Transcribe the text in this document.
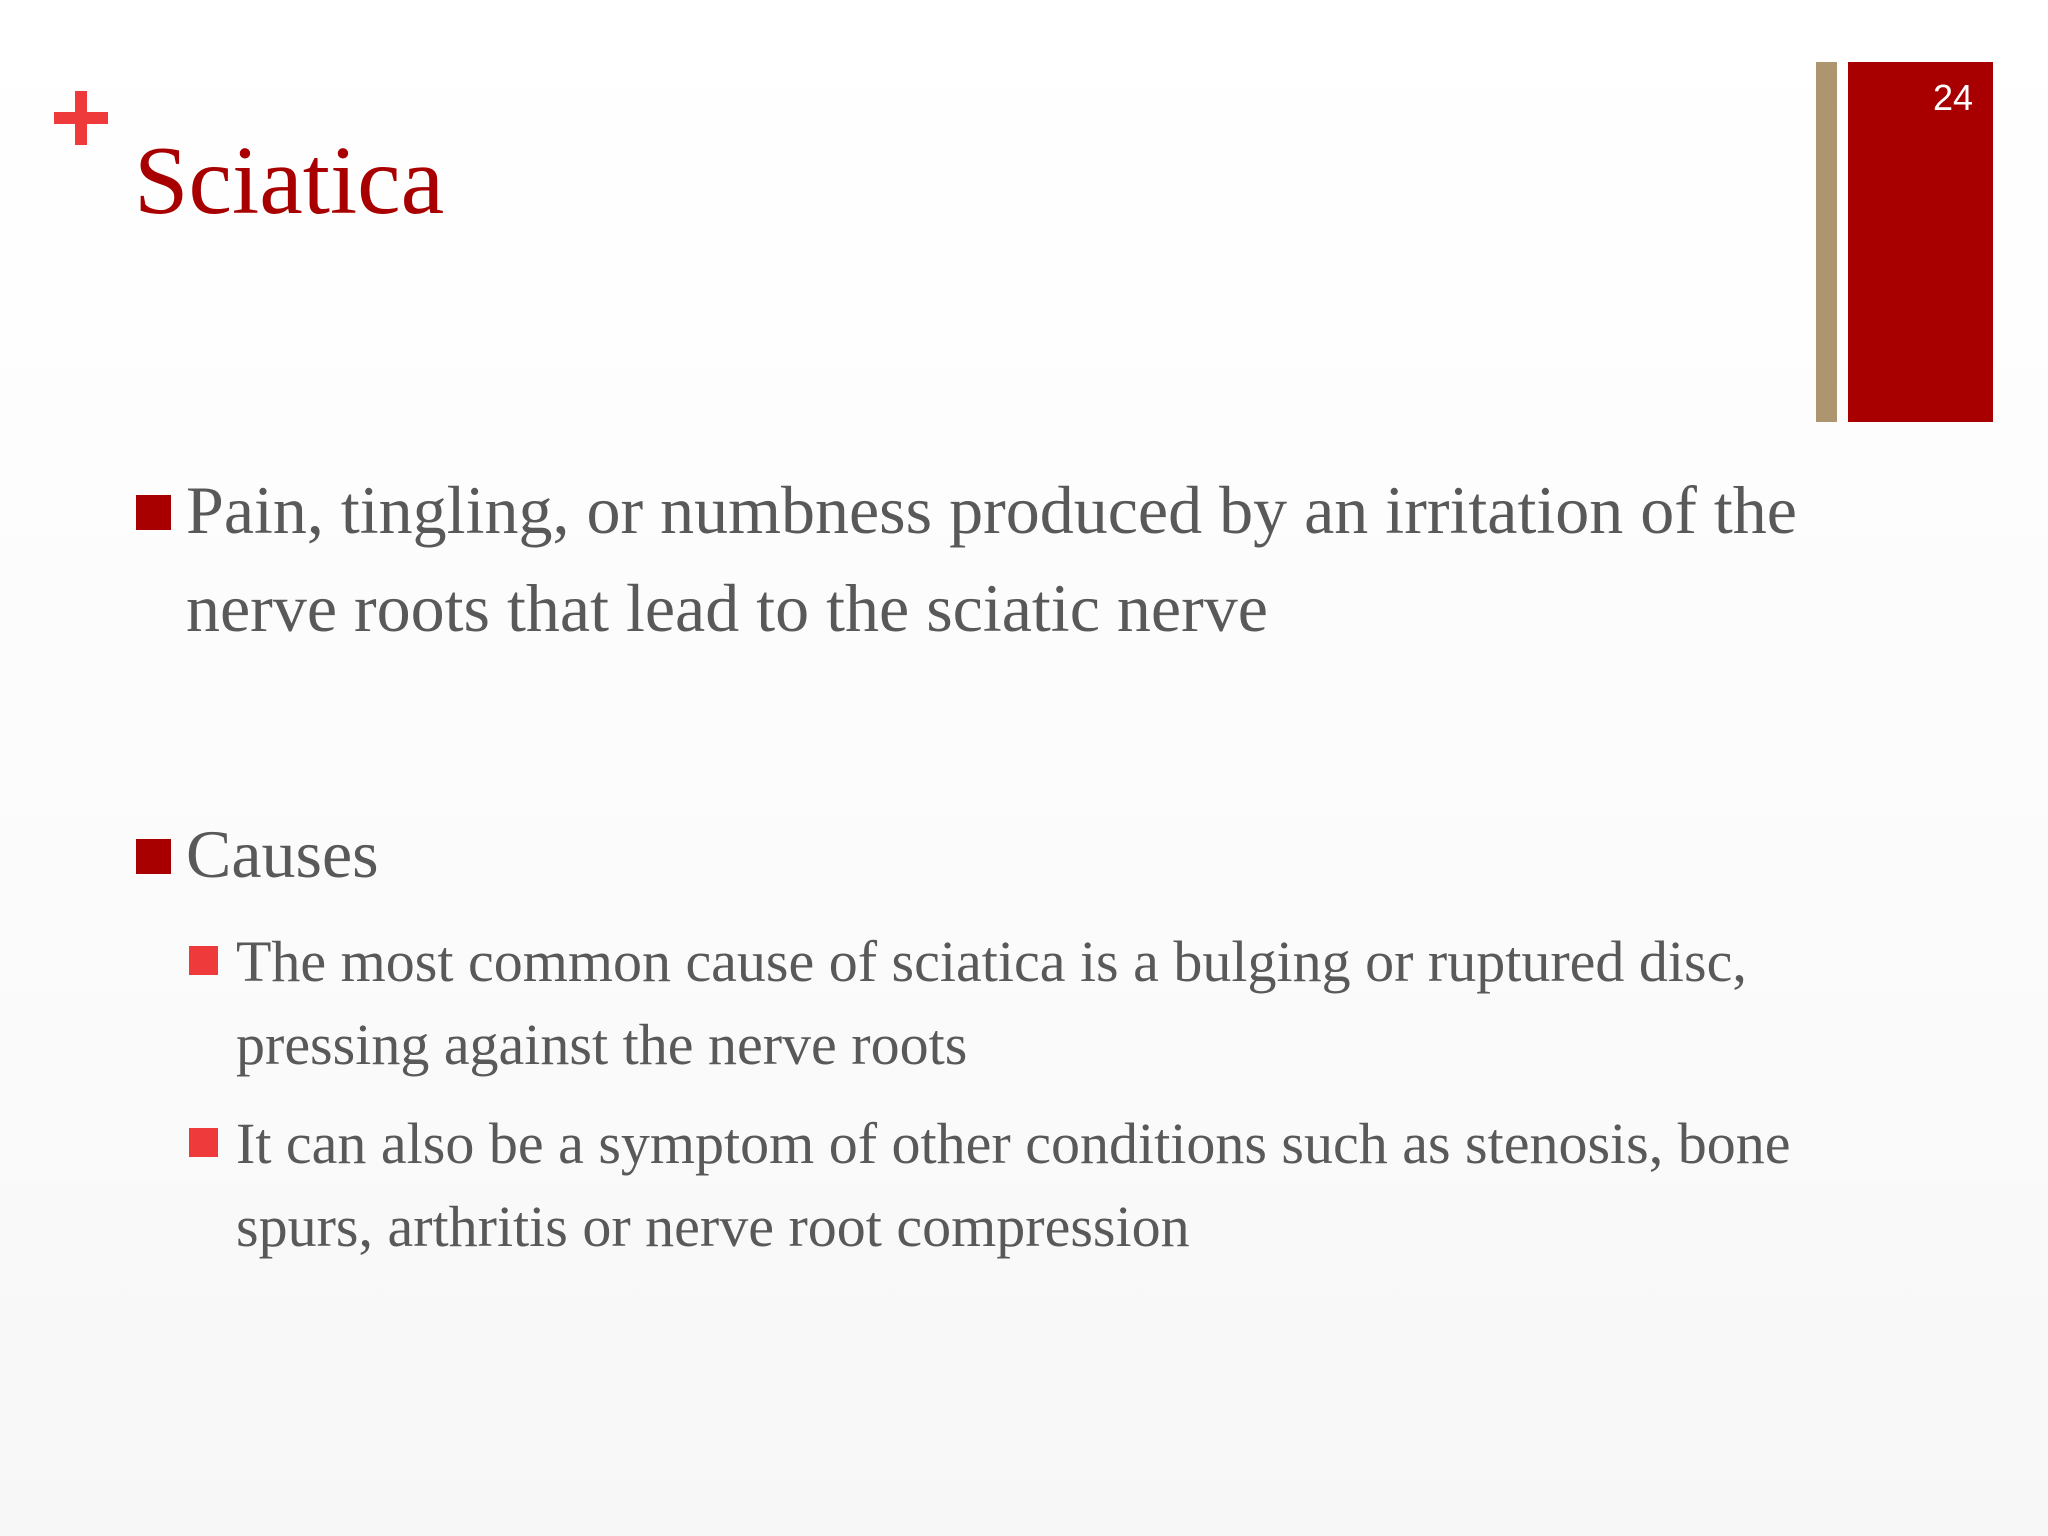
Sciatica
24
Pain, tingling, or numbness produced by an irritation of the nerve roots that lead to the sciatic nerve
Causes
The most common cause of sciatica is a bulging or ruptured disc, pressing against the nerve roots
It can also be a symptom of other conditions such as stenosis, bone spurs, arthritis or nerve root compression
